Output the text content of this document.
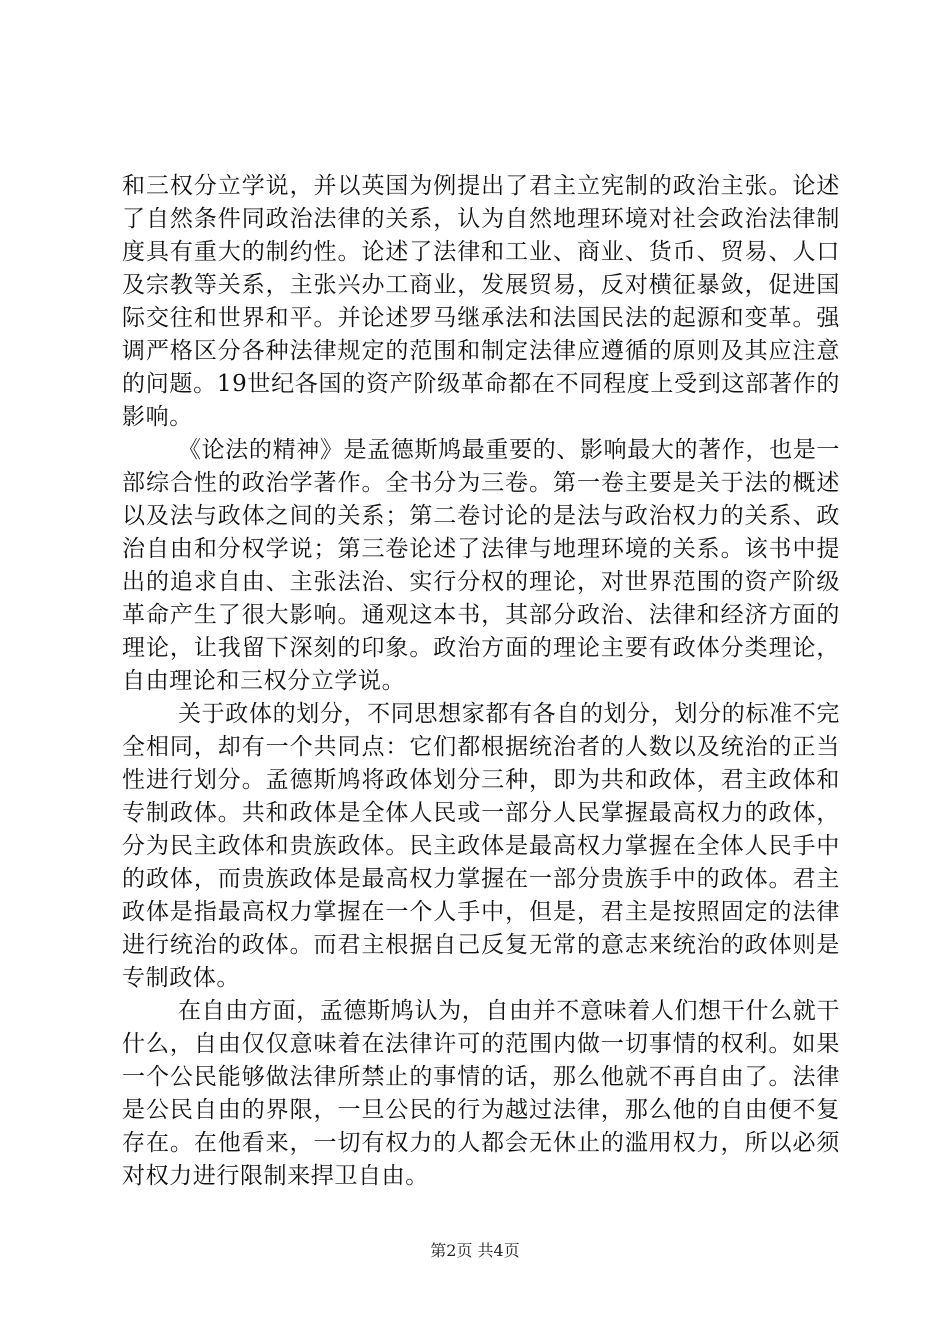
和三权分立学说，并以英国为例提出了君主立宪制的政治主张。论述了自然条件同政治法律的关系，认为自然地理环境对社会政治法律制度具有重大的制约性。论述了法律和工业、商业、货币、贸易、人口及宗教等关系，主张兴办工商业，发展贸易，反对横征暴敛，促进国际交往和世界和平。并论述罗马继承法和法国民法的起源和变革。强调严格区分各种法律规定的范围和制定法律应遵循的原则及其应注意的问题。19世纪各国的资产阶级革命都在不同程度上受到这部著作的影响。

《论法的精神》是孟德斯鸠最重要的、影响最大的著作，也是一部综合性的政治学著作。全书分为三卷。第一卷主要是关于法的概述以及法与政体之间的关系；第二卷讨论的是法与政治权力的关系、政治自由和分权学说；第三卷论述了法律与地理环境的关系。该书中提出的追求自由、主张法治、实行分权的理论，对世界范围的资产阶级革命产生了很大影响。通观这本书，其部分政治、法律和经济方面的理论，让我留下深刻的印象。政治方面的理论主要有政体分类理论，自由理论和三权分立学说。

关于政体的划分，不同思想家都有各自的划分，划分的标准不完全相同，却有一个共同点：它们都根据统治者的人数以及统治的正当性进行划分。孟德斯鸠将政体划分三种，即为共和政体，君主政体和专制政体。共和政体是全体人民或一部分人民掌握最高权力的政体，分为民主政体和贵族政体。民主政体是最高权力掌握在全体人民手中的政体，而贵族政体是最高权力掌握在一部分贵族手中的政体。君主政体是指最高权力掌握在一个人手中，但是，君主是按照固定的法律进行统治的政体。而君主根据自己反复无常的意志来统治的政体则是专制政体。

在自由方面，孟德斯鸠认为，自由并不意味着人们想干什么就干什么，自由仅仅意味着在法律许可的范围内做一切事情的权利。如果一个公民能够做法律所禁止的事情的话，那么他就不再自由了。法律是公民自由的界限，一旦公民的行为越过法律，那么他的自由便不复存在。在他看来，一切有权力的人都会无休止的滥用权力，所以必须对权力进行限制来捍卫自由。

第2页 共4页
